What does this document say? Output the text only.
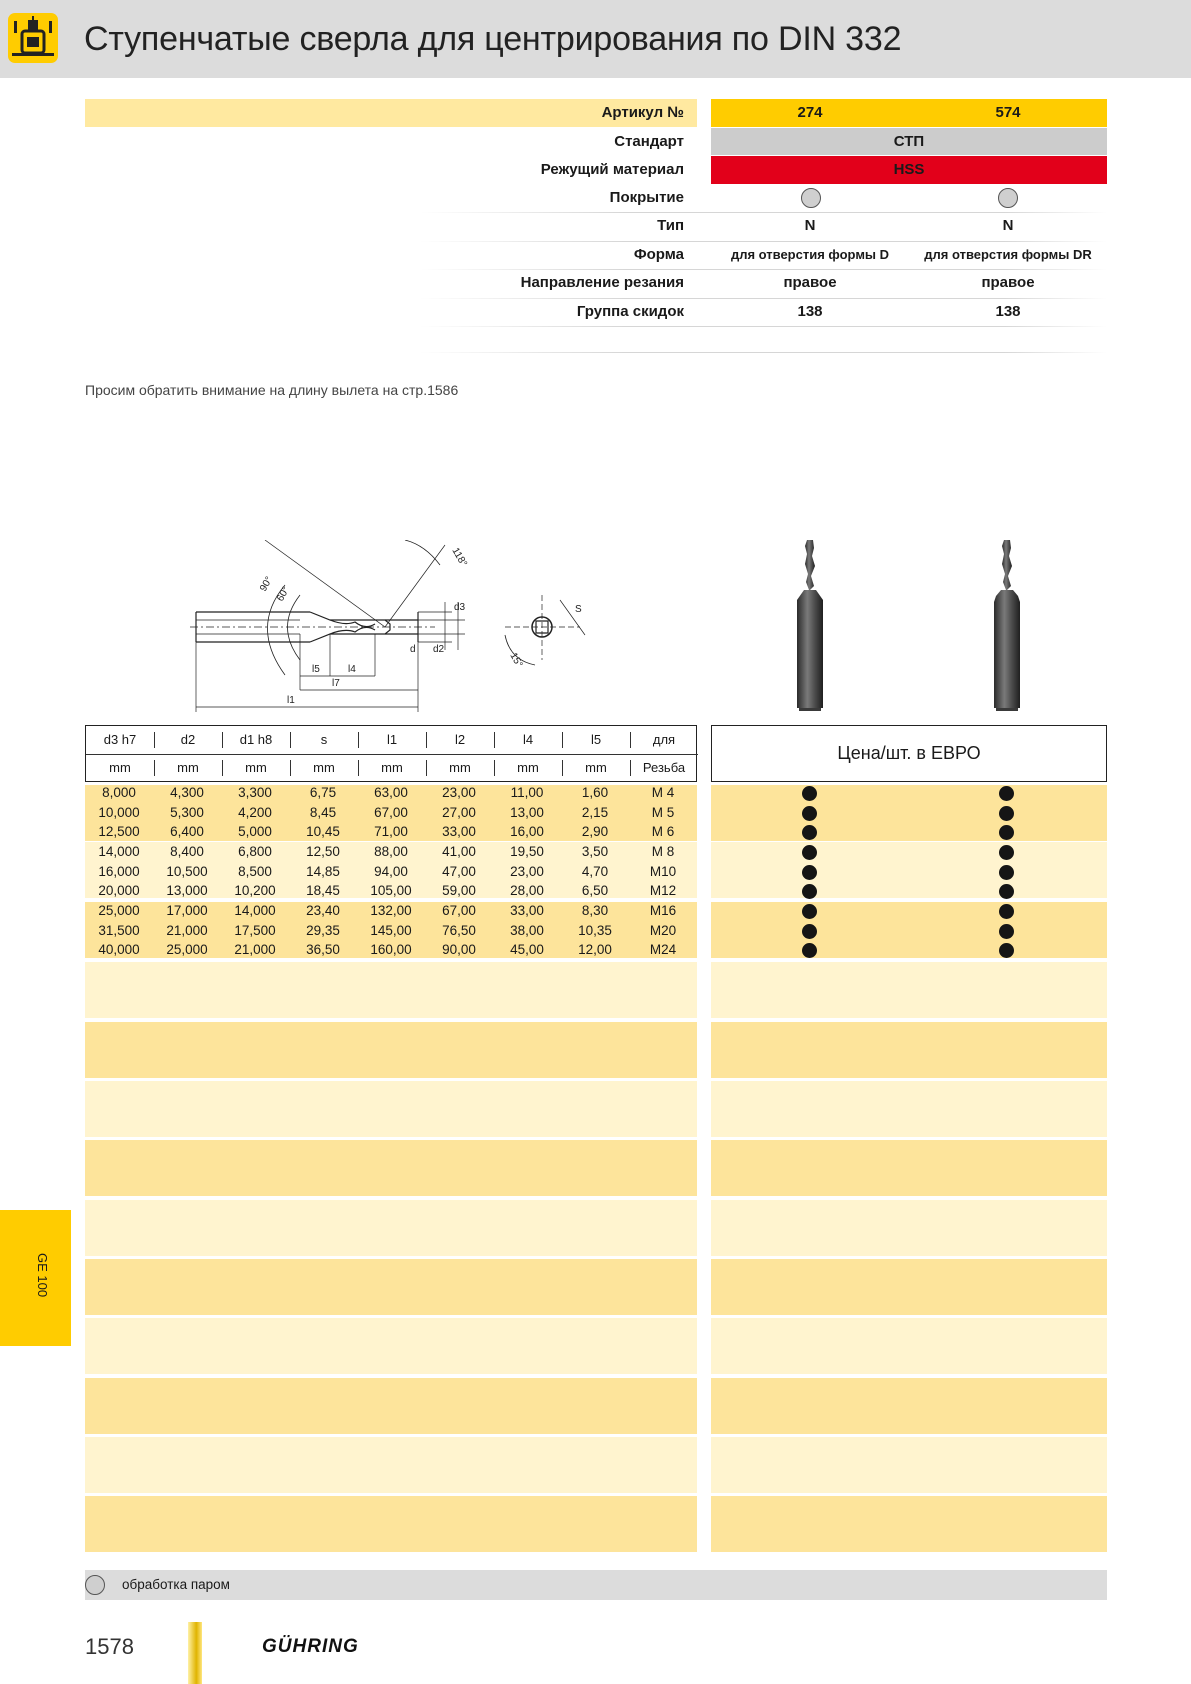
Ступенчатые сверла для центрирования по DIN 332
Артикул №	274	574
Стандарт	СТП
Режущий материал	HSS
Покрытие
Тип	N	N
Форма	для отверстия формы D	для отверстия формы DR
Направление резания	правое	правое
Группа скидок	138	138
Просим обратить внимание на длину вылета на стр.1586
90°
60°
118°
15°
d3
d d2
l1
l5	l4
l7
S
d3 h7	d2	d1 h8	s	l1	l2	l4	l5	для
mm	mm	mm	mm	mm	mm	mm	mm	Резьба
Цена/шт. в ЕВРО
8,000	4,300	3,300	6,75	63,00	23,00	11,00	1,60	M 4
10,000	5,300	4,200	8,45	67,00	27,00	13,00	2,15	M 5
12,500	6,400	5,000	10,45	71,00	33,00	16,00	2,90	M 6
14,000	8,400	6,800	12,50	88,00	41,00	19,50	3,50	M 8
16,000	10,500	8,500	14,85	94,00	47,00	23,00	4,70	M10
20,000	13,000	10,200	18,45	105,00	59,00	28,00	6,50	M12
25,000	17,000	14,000	23,40	132,00	67,00	33,00	8,30	M16
31,500	21,000	17,500	29,35	145,00	76,50	38,00	10,35	M20
40,000	25,000	21,000	36,50	160,00	90,00	45,00	12,00	M24
обработка паром
GE 100
1578	GÜHRING
